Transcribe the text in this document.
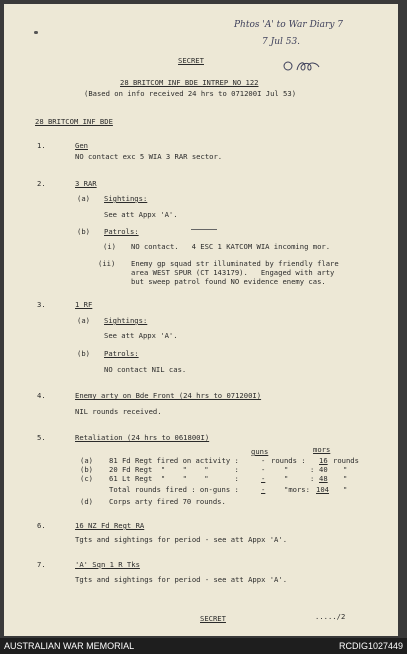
Phtos 'A' to War Diary 7
7 Jul 53.
SECRET
28 BRITCOM INF BDE INTREP NO 122
(Based on info received 24 hrs to 071200I Jul 53)
28 BRITCOM INF BDE
1.	Gen
NO contact exc 5 WIA 3 RAR sector.
2.	3 RAR
(a) Sightings:
See att Appx 'A'.
(b) Patrols:
(i) NO contact.   4 ESC 1 KATCOM WIA incoming mor.
(ii) Enemy gp squad str illuminated by friendly flare
area WEST SPUR (CT 143179).   Engaged with arty
but sweep patrol found NO evidence enemy cas.
3.	1 RF
(a) Sightings:
See att Appx 'A'.
(b) Patrols:
NO contact NIL cas.
4.	Enemy arty on Bde Front (24 hrs to 071200I)
NIL rounds received.
5.	Retaliation (24 hrs to 061800I)
guns	mors
(a) 81 Fd Regt fired on activity :	- rounds : 16 rounds
(b) 20 Fd Regt  "    "    "      :	-	"     : 40 "
(c) 61 Lt Regt  "    "    "      :	-	"     : 48 "
Total rounds fired : on-guns :	-	"mors: 104 "
(d) Corps arty fired 70 rounds.
6.	16 NZ Fd Regt RA
Tgts and sightings for period - see att Appx 'A'.
7.	'A' Sqn 1 R Tks
Tgts and sightings for period - see att Appx 'A'.
SECRET	...../2
AUSTRALIAN WAR MEMORIAL	RCDIG1027449
